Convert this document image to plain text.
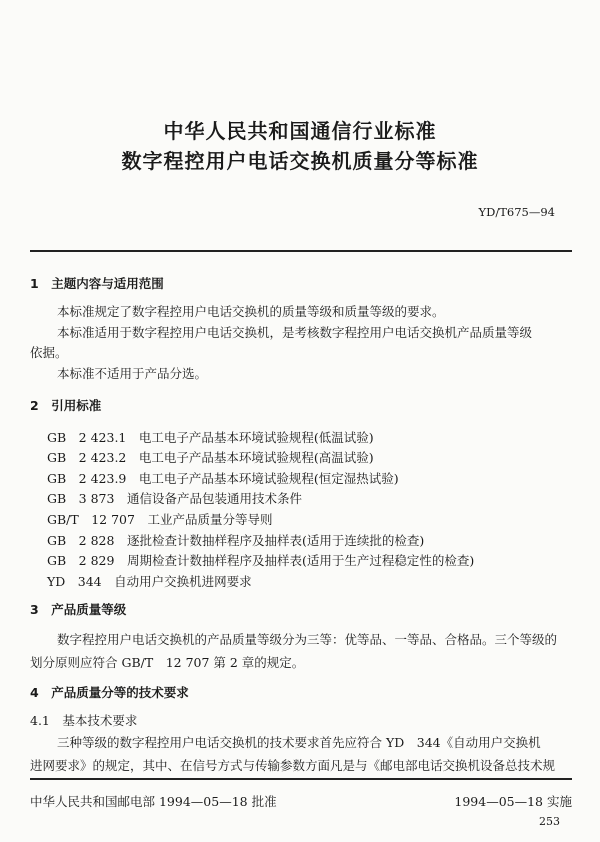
中华人民共和国通信行业标准
数字程控用户电话交换机质量分等标准
YD/T675—94
1　主题内容与适用范围
本标准规定了数字程控用户电话交换机的质量等级和质量等级的要求。
本标准适用于数字程控用户电话交换机，是考核数字程控用户电话交换机产品质量等级
依据。
本标准不适用于产品分选。
2　引用标准
GB　2 423.1　电工电子产品基本环境试验规程(低温试验)
GB　2 423.2　电工电子产品基本环境试验规程(高温试验)
GB　2 423.9　电工电子产品基本环境试验规程(恒定湿热试验)
GB　3 873　通信设备产品包装通用技术条件
GB/T　12 707　工业产品质量分等导则
GB　2 828　逐批检查计数抽样程序及抽样表(适用于连续批的检查)
GB　2 829　周期检查计数抽样程序及抽样表(适用于生产过程稳定性的检查)
YD　344　自动用户交换机进网要求
3　产品质量等级
数字程控用户电话交换机的产品质量等级分为三等：优等品、一等品、合格品。三个等级的
划分原则应符合 GB/T　12 707 第 2 章的规定。
4　产品质量分等的技术要求
4.1　基本技术要求
三种等级的数字程控用户电话交换机的技术要求首先应符合 YD　344《自动用户交换机
进网要求》的规定，其中、在信号方式与传输参数方面凡是与《邮电部电话交换机设备总技术规
中华人民共和国邮电部 1994—05—18 批准	1994—05—18 实施
253
